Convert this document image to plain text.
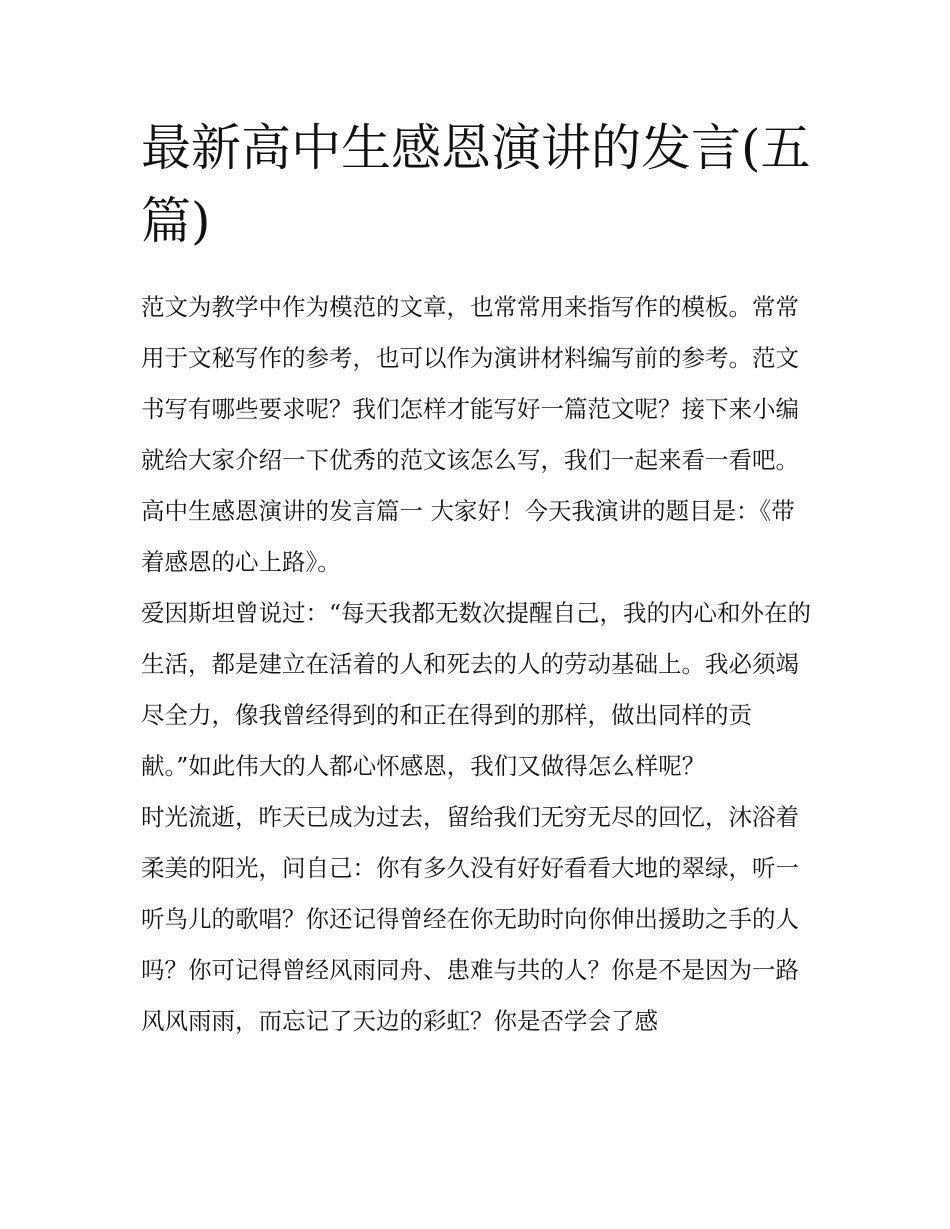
最新高中生感恩演讲的发言(五篇)

范文为教学中作为模范的文章，也常常用来指写作的模板。常常用于文秘写作的参考，也可以作为演讲材料编写前的参考。范文书写有哪些要求呢？我们怎样才能写好一篇范文呢？接下来小编就给大家介绍一下优秀的范文该怎么写，我们一起来看一看吧。

高中生感恩演讲的发言篇一 大家好！今天我演讲的题目是：《带着感恩的心上路》。

爱因斯坦曾说过：“每天我都无数次提醒自己，我的内心和外在的生活，都是建立在活着的人和死去的人的劳动基础上。我必须竭尽全力，像我曾经得到的和正在得到的那样，做出同样的贡献。”如此伟大的人都心怀感恩，我们又做得怎么样呢？

时光流逝，昨天已成为过去，留给我们无穷无尽的回忆，沐浴着柔美的阳光，问自己：你有多久没有好好看看大地的翠绿，听一听鸟儿的歌唱？你还记得曾经在你无助时向你伸出援助之手的人吗？你可记得曾经风雨同舟、患难与共的人？你是不是因为一路风风雨雨，而忘记了天边的彩虹？你是否学会了感
